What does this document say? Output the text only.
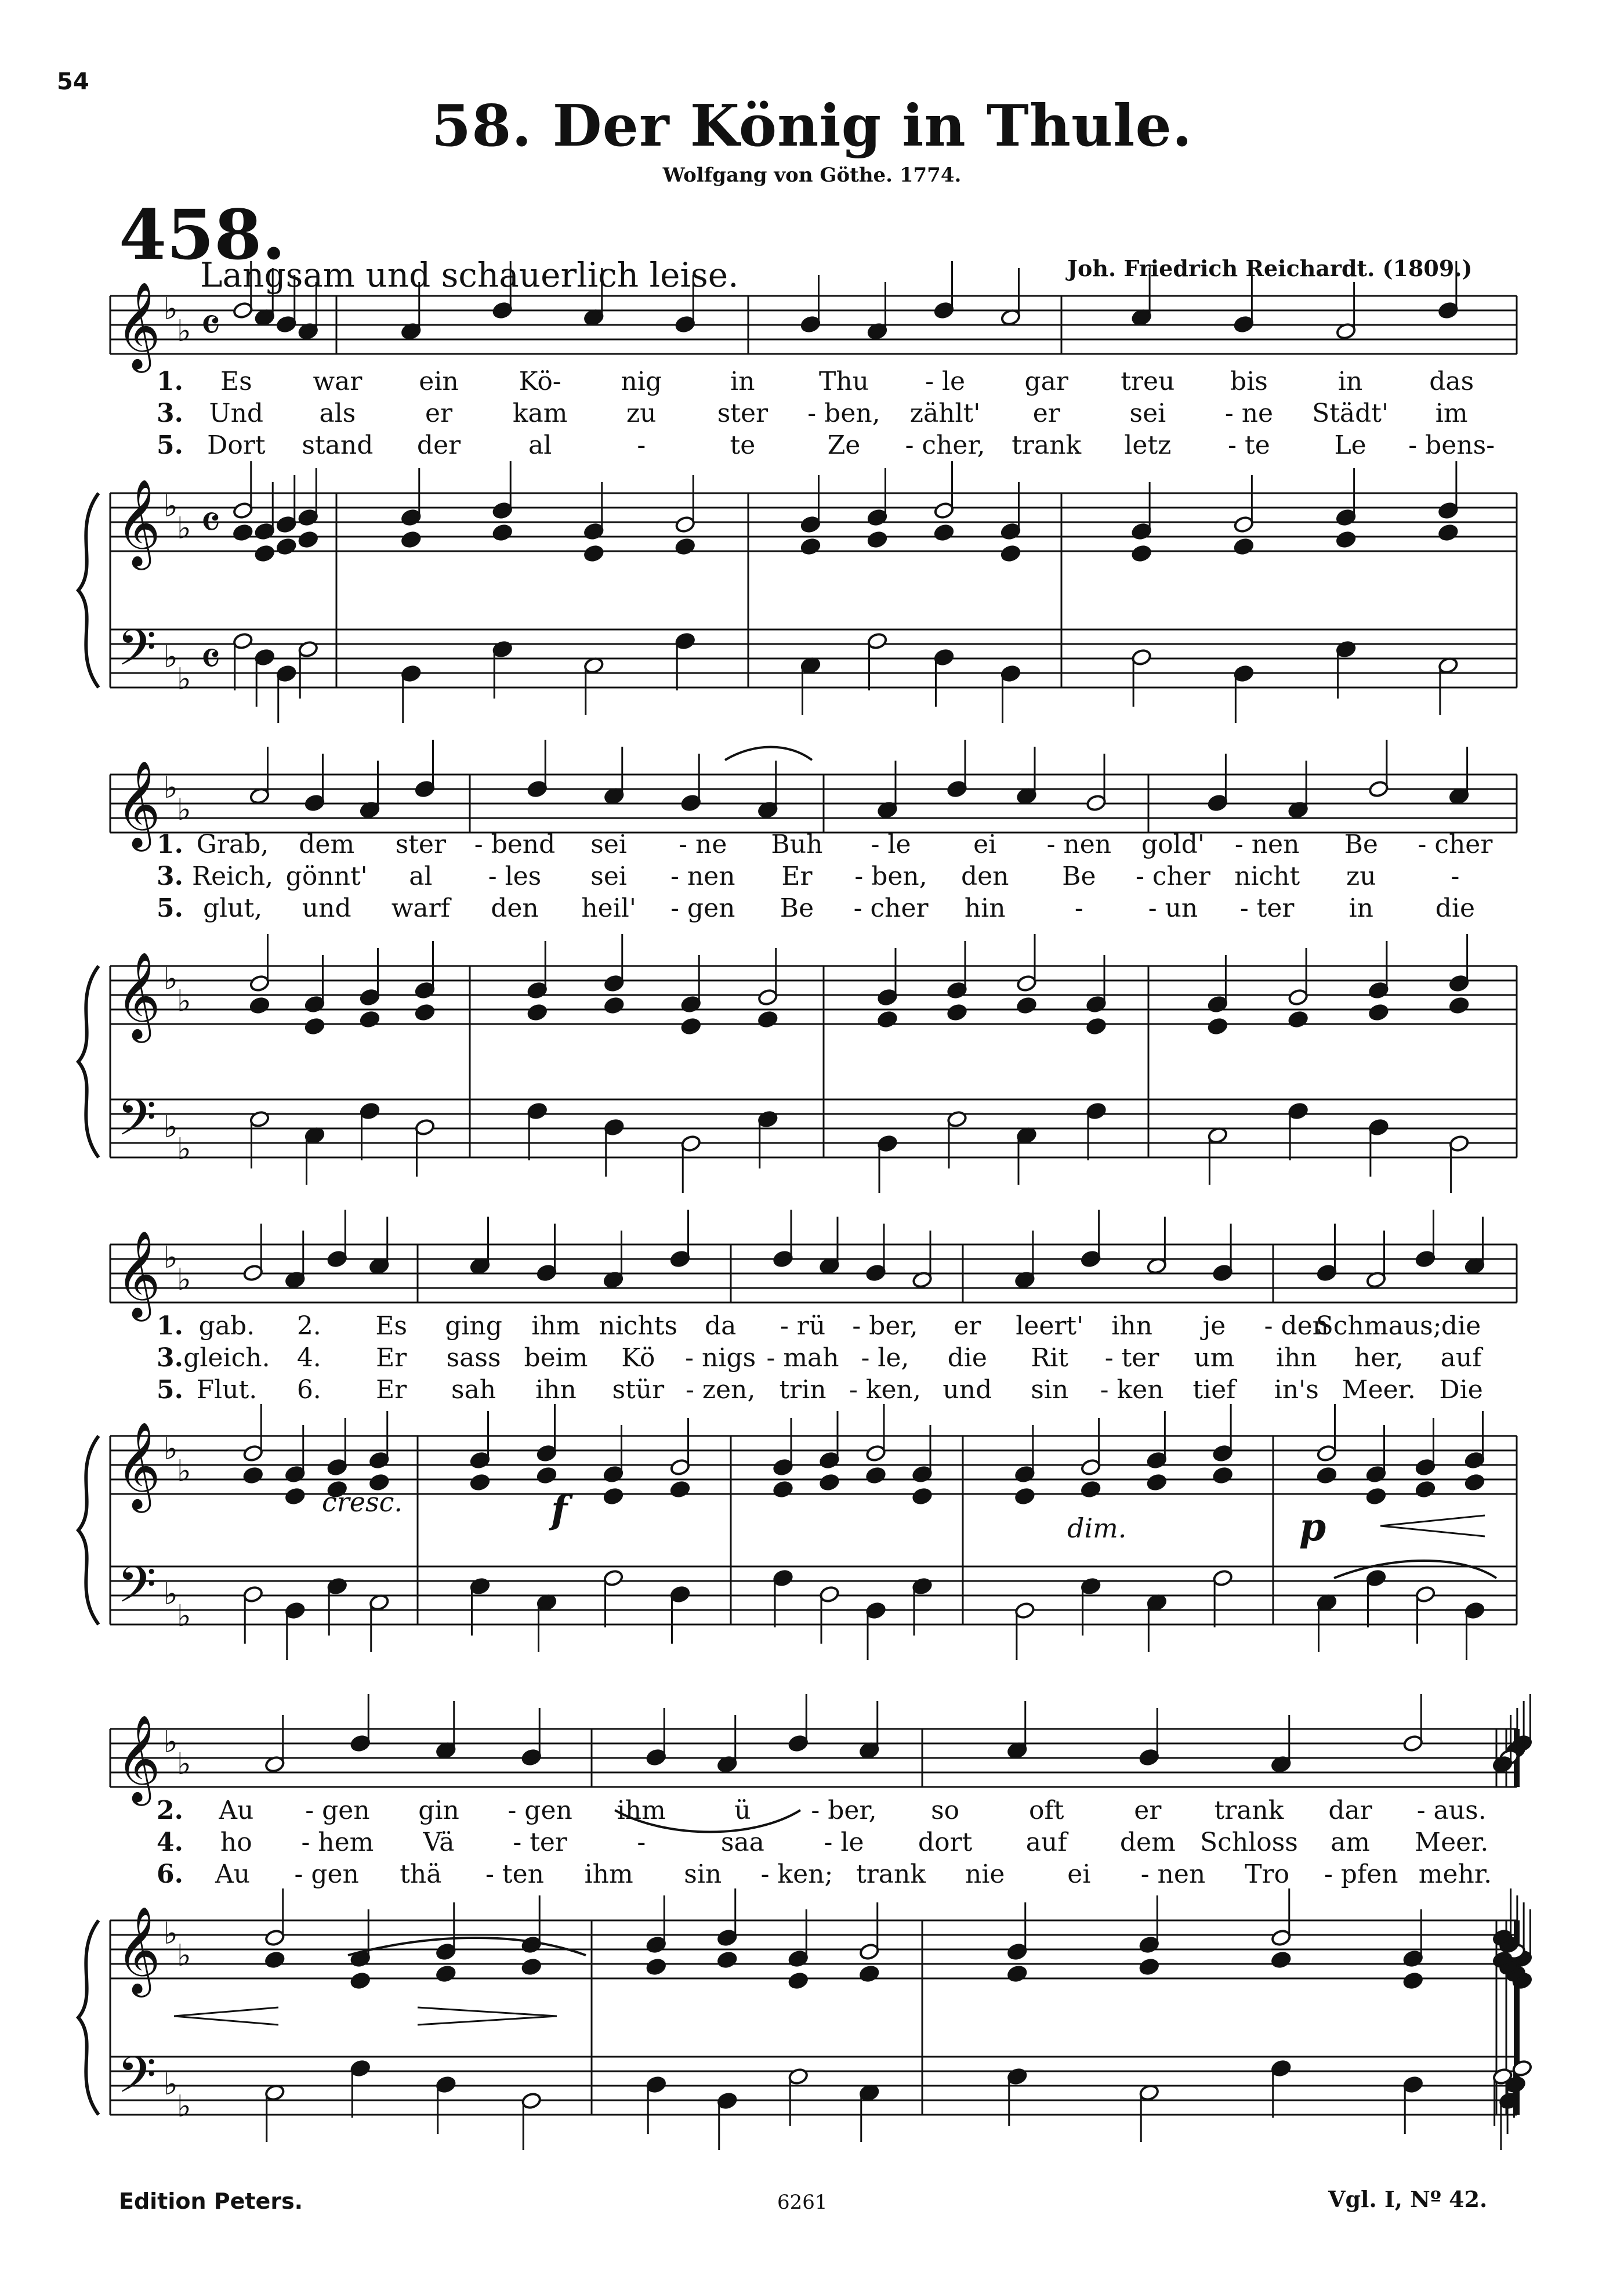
54
58. Der König in Thule.
Wolfgang von Göthe. 1774.
458.
Langsam und schauerlich leise.	Joh. Friedrich Reichardt. (1809.)
𝄞
𝄞
𝄢
♭
♭
♭
♭
♭
♭
𝄴
𝄴
𝄴
𝄞
𝄞
𝄢
♭
♭
♭
♭
♭
♭
𝄞
𝄞
𝄢
♭
♭
♭
♭
♭
♭
𝄞
𝄞
𝄢
♭
♭
♭
♭
♭
♭
1. Es war ein Kö- nig	in	Thu - le gar treu bis	in	das
3. Und als	er kam zu ster - ben, zählt' er	sei - ne Städt' im
5. Dort stand der	al	-	te	Ze - cher, trank letz - te	Le - bens-
1. Grab, dem ster - bend sei - ne Buh - le ei - nen gold' - nen Be - cher
3. Reich, gönnt' al - les sei - nen Er - ben, den Be - cher nicht zu	-
5. glut, und warf den heil' - gen Be - cher hin	-	- un - ter in die
1. gab. 2. Es ging ihm nichts da - rü - ber, er leert' ihn je - den
Schmaus; die
3. gleich. 4. Er sass beim Kö - nigs - mah - le, die Rit - ter um ihn her, auf
5. Flut. 6. Er sah ihn stür - zen, trin - ken, und sin - ken tief in's Meer. Die
2. Au - gen gin - gen ihm	ü - ber, so	oft	er trank dar - aus.
4. ho - hem Vä - ter	-	saa - le dort auf dem Schloss am Meer.
6. Au - gen thä - ten ihm sin - ken; trank nie ei - nen Tro - pfen mehr.
cresc.	f	dim.	p
Edition Peters.	6261	Vgl. I, Nº 42.
